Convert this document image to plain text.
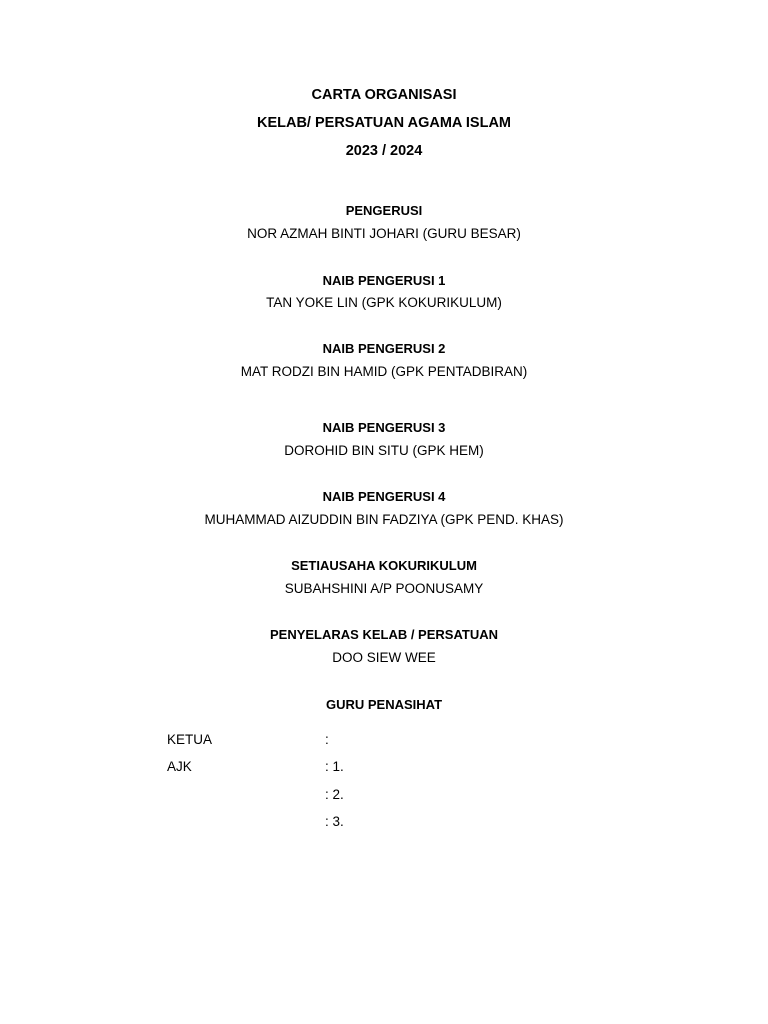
CARTA ORGANISASI
KELAB/ PERSATUAN AGAMA ISLAM
2023 / 2024
PENGERUSI
NOR AZMAH BINTI JOHARI (GURU BESAR)
NAIB PENGERUSI 1
TAN YOKE LIN (GPK KOKURIKULUM)
NAIB PENGERUSI 2
MAT RODZI BIN HAMID (GPK PENTADBIRAN)
NAIB PENGERUSI 3
DOROHID BIN SITU (GPK HEM)
NAIB PENGERUSI 4
MUHAMMAD AIZUDDIN BIN FADZIYA (GPK PEND. KHAS)
SETIAUSAHA KOKURIKULUM
SUBAHSHINI A/P POONUSAMY
PENYELARAS KELAB / PERSATUAN
DOO SIEW WEE
GURU PENASIHAT
KETUA	:
AJK	: 1.
: 2.
: 3.
